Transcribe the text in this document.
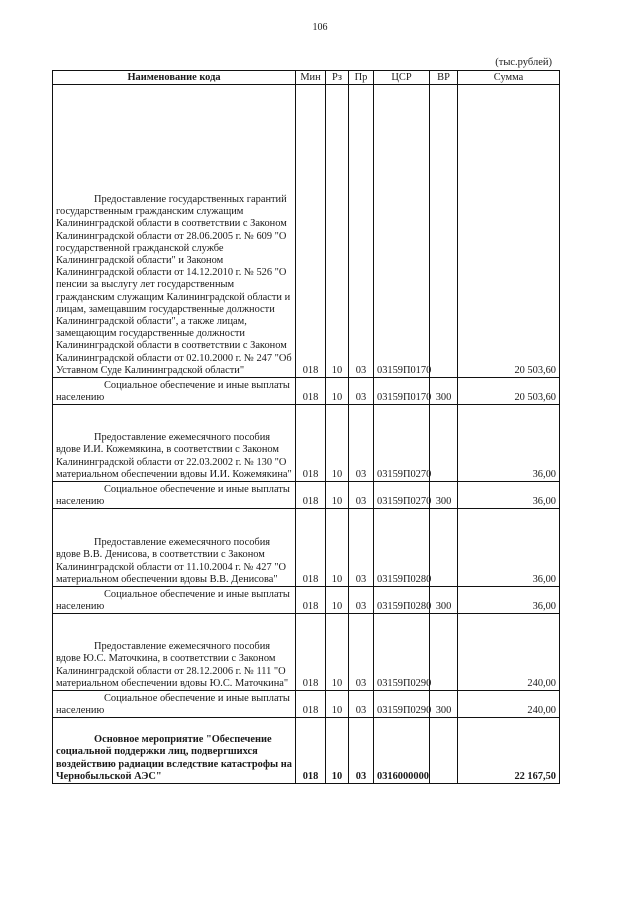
106
(тыс.рублей)
Наименование кода	Мин	Рз	Пр	ЦСР	ВР	Сумма
Предоставление государственных гарантий государственным гражданским служащим Калининградской области в соответствии с Законом Калининградской области от 28.06.2005 г. № 609 "О государственной гражданской службе Калининградской области" и Законом Калининградской области от 14.12.2010 г. № 526 "О пенсии за выслугу лет государственным гражданским служащим Калининградской области и лицам, замещавшим государственные должности Калининградской области", а также лицам, замещающим государственные должности Калининградской области в соответствии с Законом Калининградской области от 02.10.2000 г. № 247 "Об Уставном Суде Калининградской области"	018	10	03	03159П0170		20 503,60
Социальное обеспечение и иные выплаты населению	018	10	03	03159П0170	300	20 503,60
Предоставление ежемесячного пособия вдове И.И. Кожемякина, в соответствии с Законом Калининградской области от 22.03.2002 г. № 130 "О материальном обеспечении вдовы И.И. Кожемякина"	018	10	03	03159П0270		36,00
Социальное обеспечение и иные выплаты населению	018	10	03	03159П0270	300	36,00
Предоставление ежемесячного пособия вдове В.В. Денисова, в соответствии с Законом Калининградской области от 11.10.2004 г. № 427 "О материальном обеспечении вдовы В.В. Денисова"	018	10	03	03159П0280		36,00
Социальное обеспечение и иные выплаты населению	018	10	03	03159П0280	300	36,00
Предоставление ежемесячного пособия вдове Ю.С. Маточкина, в соответствии с Законом Калининградской области от 28.12.2006 г. № 111 "О материальном обеспечении вдовы Ю.С. Маточкина"	018	10	03	03159П0290		240,00
Социальное обеспечение и иные выплаты населению	018	10	03	03159П0290	300	240,00
Основное мероприятие "Обеспечение социальной поддержки лиц, подвергшихся воздействию радиации вследствие катастрофы на Чернобыльской АЭС"	018	10	03	0316000000		22 167,50
